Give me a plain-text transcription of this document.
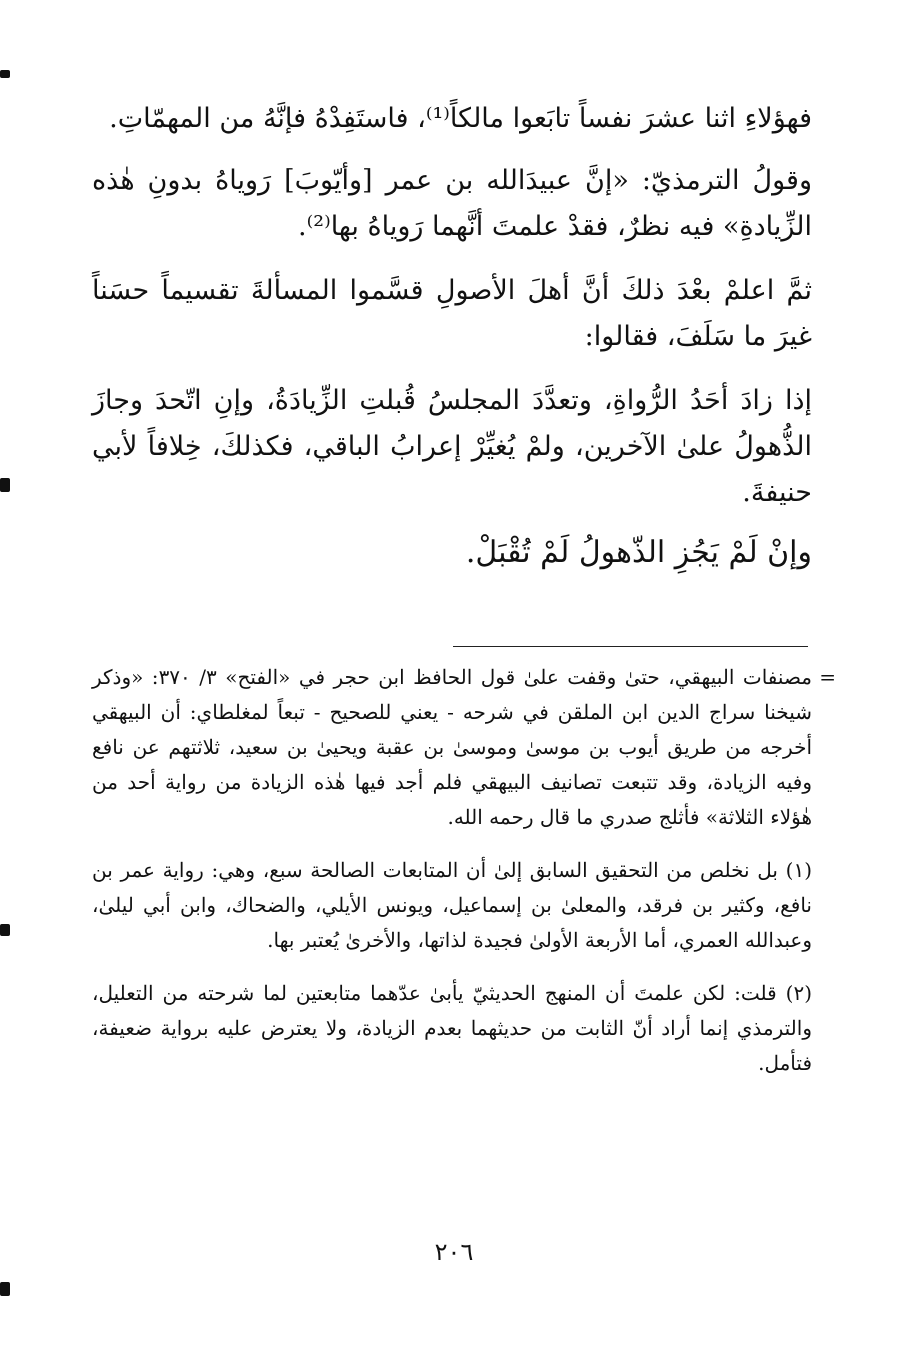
فهؤلاءِ اثنا عشرَ نفساً تابَعوا مالكاً⁽¹⁾، فاستَفِدْهُ فإنَّهُ من المهمّاتِ.

وقولُ الترمذيّ: «إنَّ عبيدَالله بن عمر [وأيّوبَ] رَوياهُ بدونِ هٰذه الزِّيادةِ» فيه نظرٌ، فقدْ علمتَ أنَّهما رَوياهُ بها⁽²⁾.

ثمَّ اعلمْ بعْدَ ذلكَ أنَّ أهلَ الأصولِ قسَّموا المسألةَ تقسيماً حسَناً غيرَ ما سَلَفَ، فقالوا:

إذا زادَ أحَدُ الرُّواةِ، وتعدَّدَ المجلسُ قُبلتِ الزِّيادَةُ، وإنِ اتّحدَ وجازَ الذُّهولُ علىٰ الآخرين، ولمْ يُغيِّرْ إعرابُ الباقي، فكذلكَ، خِلافاً لأبي حنيفةَ.

وإنْ لَمْ يَجُزِ الذّهولُ لَمْ تُقْبَلْ.

=
مصنفات البيهقي، حتىٰ وقفت علىٰ قول الحافظ ابن حجر في «الفتح» ٣/ ٣٧٠: «وذكر شيخنا سراج الدين ابن الملقن في شرحه - يعني للصحيح - تبعاً لمغلطاي: أن البيهقي أخرجه من طريق أيوب بن موسىٰ وموسىٰ بن عقبة ويحيىٰ بن سعيد، ثلاثتهم عن نافع وفيه الزيادة، وقد تتبعت تصانيف البيهقي فلم أجد فيها هٰذه الزيادة من رواية أحد من هٰؤلاء الثلاثة» فأثلج صدري ما قال رحمه الله.
(١) بل نخلص من التحقيق السابق إلىٰ أن المتابعات الصالحة سبع، وهي: رواية عمر بن نافع، وكثير بن فرقد، والمعلىٰ بن إسماعيل، ويونس الأيلي، والضحاك، وابن أبي ليلىٰ، وعبدالله العمري، أما الأربعة الأولىٰ فجيدة لذاتها، والأخرىٰ يُعتبر بها.
(٢) قلت: لكن علمتَ أن المنهج الحديثيّ يأبىٰ عدّهما متابعتين لما شرحته من التعليل، والترمذي إنما أراد أنّ الثابت من حديثهما بعدم الزيادة، ولا يعترض عليه برواية ضعيفة، فتأمل.
٢٠٦
